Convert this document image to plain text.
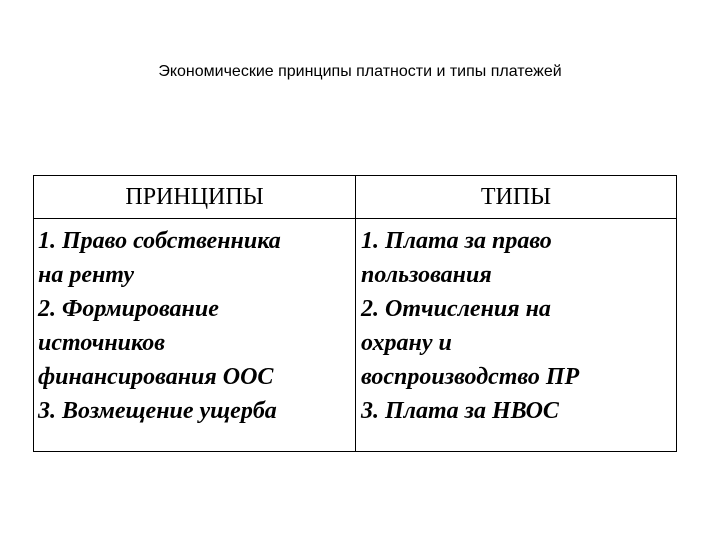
Экономические принципы платности и типы платежей
ПРИНЦИПЫ	ТИПЫ
1. Право собственника
на ренту
2. Формирование
источников
финансирования ООС
3. Возмещение ущерба
1. Плата за право
пользования
2. Отчисления на
охрану и
воспроизводство ПР
3. Плата за НВОС
